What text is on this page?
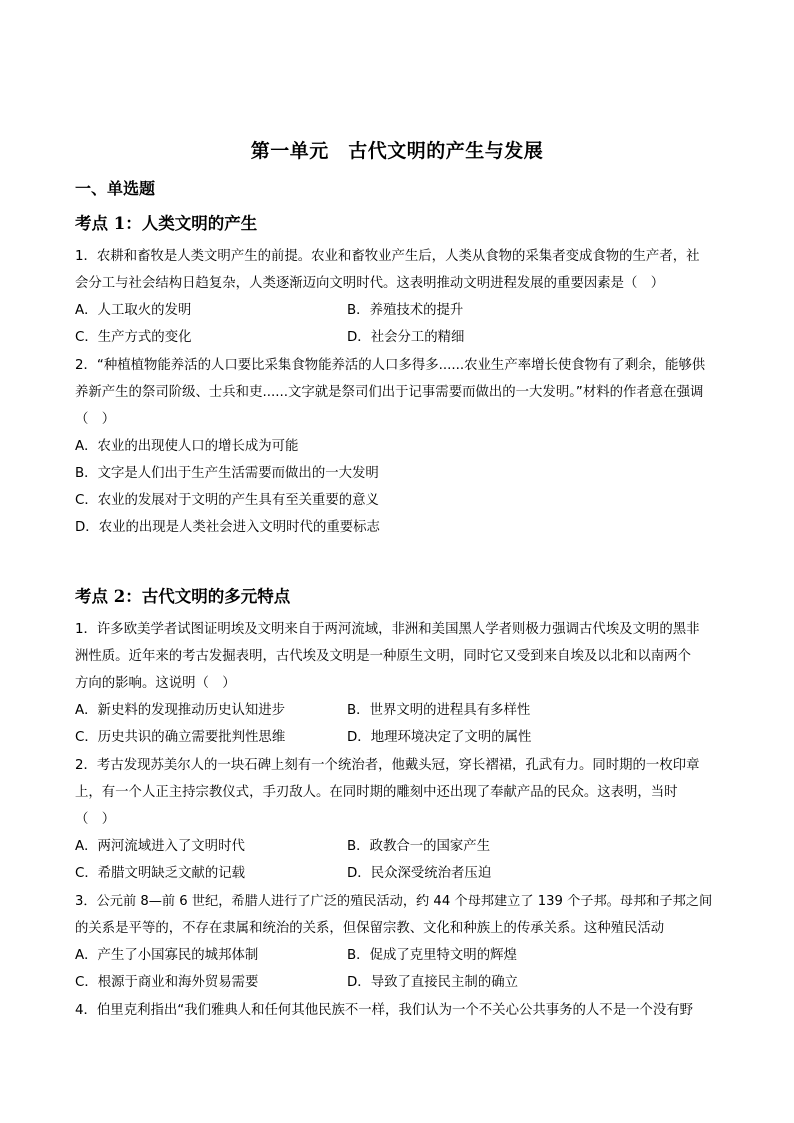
第一单元　古代文明的产生与发展
一、单选题
考点 1：人类文明的产生
1．农耕和畜牧是人类文明产生的前提。农业和畜牧业产生后，人类从食物的采集者变成食物的生产者，社
会分工与社会结构日趋复杂，人类逐渐迈向文明时代。这表明推动文明进程发展的重要因素是（　）
A．人工取火的发明	B．养殖技术的提升
C．生产方式的变化	D．社会分工的精细
2．“种植植物能养活的人口要比采集食物能养活的人口多得多......农业生产率增长使食物有了剩余，能够供
养新产生的祭司阶级、士兵和吏......文字就是祭司们出于记事需要而做出的一大发明。”材料的作者意在强调
（　）
A．农业的出现使人口的增长成为可能
B．文字是人们出于生产生活需要而做出的一大发明
C．农业的发展对于文明的产生具有至关重要的意义
D．农业的出现是人类社会进入文明时代的重要标志
考点 2：古代文明的多元特点
1．许多欧美学者试图证明埃及文明来自于两河流域，非洲和美国黑人学者则极力强调古代埃及文明的黑非
洲性质。近年来的考古发掘表明，古代埃及文明是一种原生文明，同时它又受到来自埃及以北和以南两个
方向的影响。这说明（　）
A．新史料的发现推动历史认知进步	B．世界文明的进程具有多样性
C．历史共识的确立需要批判性思维	D．地理环境决定了文明的属性
2．考古发现苏美尔人的一块石碑上刻有一个统治者，他戴头冠，穿长褶裙，孔武有力。同时期的一枚印章
上，有一个人正主持宗教仪式，手刃敌人。在同时期的雕刻中还出现了奉献产品的民众。这表明，当时
（　）
A．两河流域进入了文明时代	B．政教合一的国家产生
C．希腊文明缺乏文献的记载	D．民众深受统治者压迫
3．公元前 8—前 6 世纪，希腊人进行了广泛的殖民活动，约 44 个母邦建立了 139 个子邦。母邦和子邦之间
的关系是平等的，不存在隶属和统治的关系，但保留宗教、文化和种族上的传承关系。这种殖民活动
A．产生了小国寡民的城邦体制	B．促成了克里特文明的辉煌
C．根源于商业和海外贸易需要	D．导致了直接民主制的确立
4．伯里克利指出“我们雅典人和任何其他民族不一样，我们认为一个不关心公共事务的人不是一个没有野
